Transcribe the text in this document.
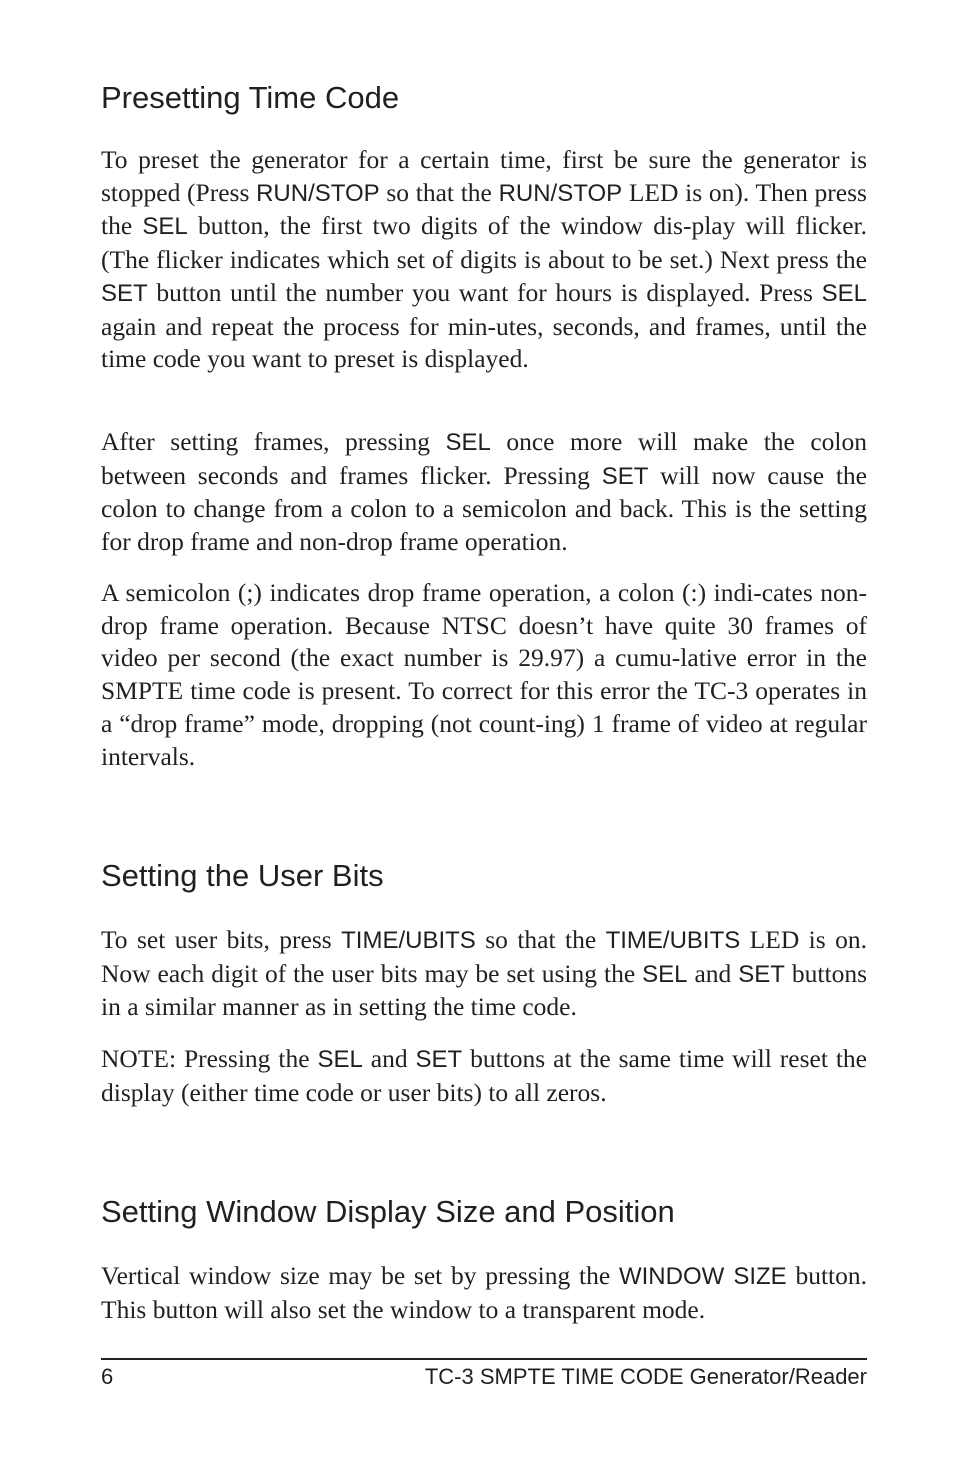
Presetting Time Code

To preset the generator for a certain time, first be sure the generator is stopped (Press RUN/STOP so that the RUN/STOP LED is on). Then press the SEL button, the first two digits of the window dis-play will flicker. (The flicker indicates which set of digits is about to be set.) Next press the SET button until the number you want for hours is displayed. Press SEL again and repeat the process for min-utes, seconds, and frames, until the time code you want to preset is displayed.

After setting frames, pressing SEL once more will make the colon between seconds and frames flicker. Pressing SET will now cause the colon to change from a colon to a semicolon and back. This is the setting for drop frame and non-drop frame operation.

A semicolon (;) indicates drop frame operation, a colon (:) indi-cates non-drop frame operation. Because NTSC doesn’t have quite 30 frames of video per second (the exact number is 29.97) a cumu-lative error in the SMPTE time code is present. To correct for this error the TC-3 operates in a “drop frame” mode, dropping (not count-ing) 1 frame of video at regular intervals.

Setting the User Bits

To set user bits, press TIME/UBITS so that the TIME/UBITS LED is on. Now each digit of the user bits may be set using the SEL and SET buttons in a similar manner as in setting the time code.

NOTE: Pressing the SEL and SET buttons at the same time will reset the display (either time code or user bits) to all zeros.

Setting Window Display Size and Position

Vertical window size may be set by pressing the WINDOW SIZE button. This button will also set the window to a transparent mode.

6	TC-3 SMPTE TIME CODE Generator/Reader
